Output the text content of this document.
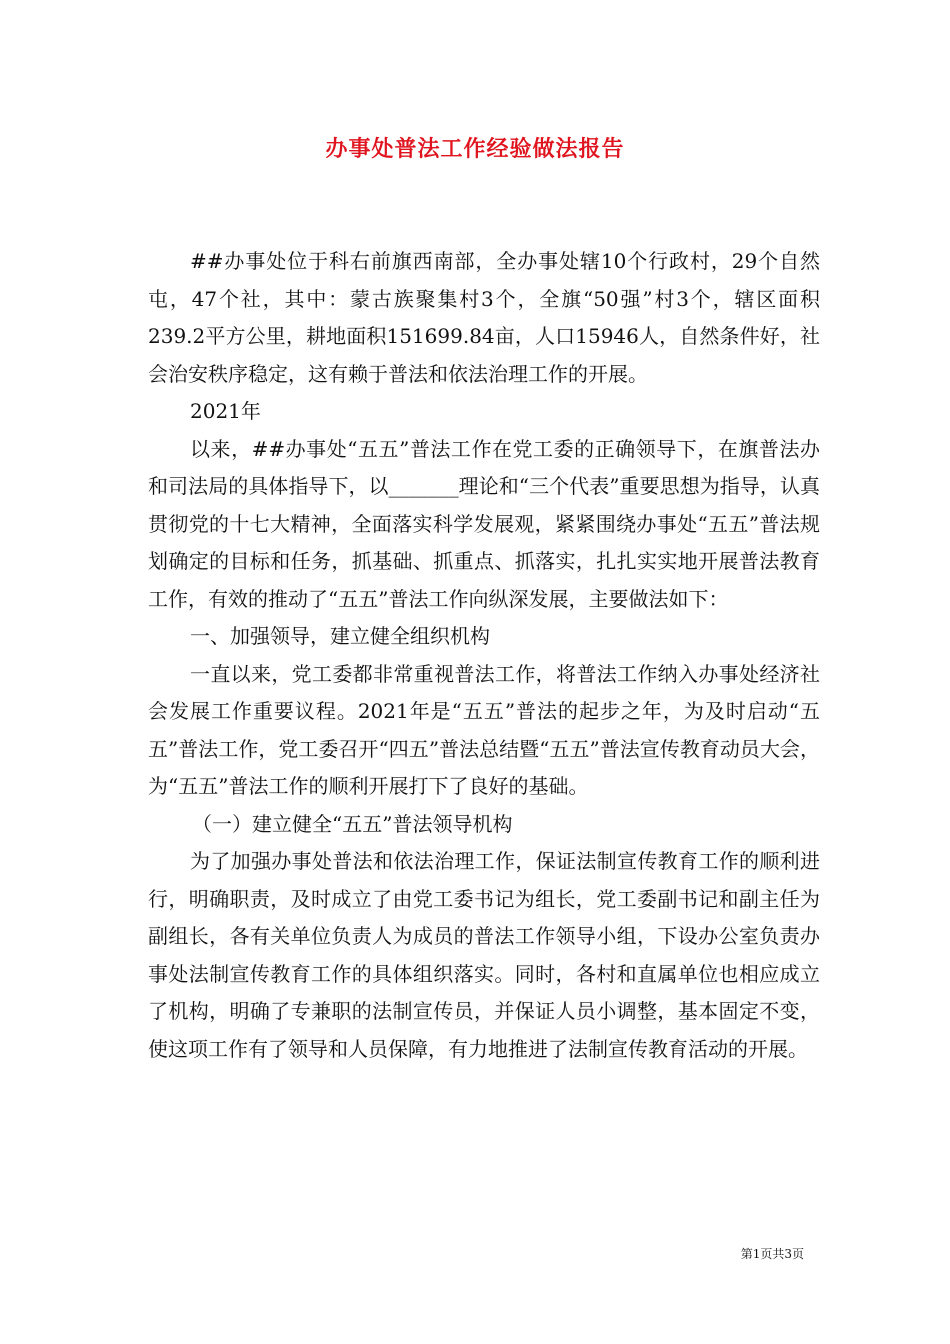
办事处普法工作经验做法报告

##办事处位于科右前旗西南部，全办事处辖10个行政村，29个自然屯，47个社，其中：蒙古族聚集村3个，全旗“50强”村3个，辖区面积239.2平方公里，耕地面积151699.84亩，人口15946人，自然条件好，社会治安秩序稳定，这有赖于普法和依法治理工作的开展。

2021年

以来，##办事处“五五”普法工作在党工委的正确领导下，在旗普法办和司法局的具体指导下，以_______理论和“三个代表”重要思想为指导，认真贯彻党的十七大精神，全面落实科学发展观，紧紧围绕办事处“五五”普法规划确定的目标和任务，抓基础、抓重点、抓落实，扎扎实实地开展普法教育工作，有效的推动了“五五”普法工作向纵深发展，主要做法如下：

一、加强领导，建立健全组织机构

一直以来，党工委都非常重视普法工作，将普法工作纳入办事处经济社会发展工作重要议程。2021年是“五五”普法的起步之年，为及时启动“五五”普法工作，党工委召开“四五”普法总结暨“五五”普法宣传教育动员大会，为“五五”普法工作的顺利开展打下了良好的基础。

（一）建立健全“五五”普法领导机构

为了加强办事处普法和依法治理工作，保证法制宣传教育工作的顺利进行，明确职责，及时成立了由党工委书记为组长，党工委副书记和副主任为副组长，各有关单位负责人为成员的普法工作领导小组，下设办公室负责办事处法制宣传教育工作的具体组织落实。同时，各村和直属单位也相应成立了机构，明确了专兼职的法制宣传员，并保证人员小调整，基本固定不变，使这项工作有了领导和人员保障，有力地推进了法制宣传教育活动的开展。

第1页共3页
